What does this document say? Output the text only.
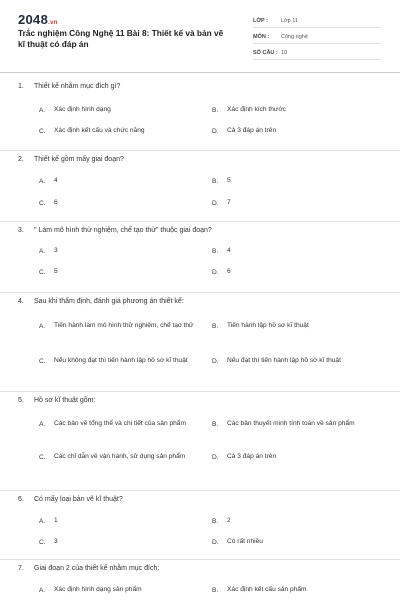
2048.vn
Trắc nghiệm Công Nghệ 11 Bài 8: Thiết kế và bản vẽ kĩ thuật có đáp án
LỚP :	Lớp 11
MÔN :	Công nghệ
SỐ CÂU : 10
1.	Thiết kế nhằm mục đích gì?
A.	Xác định hình dạng	B.	Xác định kích thước
C.	Xác định kết cấu và chức năng	D.	Cả 3 đáp án trên
2.	Thiết kế gồm mấy giai đoạn?
A.	4	B.	5
C.	6	D.	7
3.	" Làm mô hình thử nghiệm, chế tạo thử" thuộc giai đoạn?
A.	3	B.	4
C.	5	D.	6
4.	Sau khi thẩm định, đánh giá phương án thiết kế:
A.	Tiến hành làm mô hình thử nghiệm, chế tạo thử	B.	Tiến hành lập hồ sơ kĩ thuật
C.	Nếu không đạt thì tiến hành lập hồ sơ kĩ thuật	D.	Nếu đạt thì tiến hành lập hồ sơ kĩ thuật
5.	Hồ sơ kĩ thuật gồm:
A.	Các bản vẽ tổng thể và chi tiết của sản phẩm	B.	Các bản thuyết minh tính toán về sản phẩm
C.	Các chỉ dẫn về vận hành, sử dụng sản phẩm	D.	Cả 3 đáp án trên
6.	Có mấy loại bản vẽ kĩ thuật?
A.	1	B.	2
C.	3	D.	Có rất nhiều
7.	Giai đoạn 2 của thiết kế nhằm mục đích:
A.	Xác định hình dạng sản phẩm	B.	Xác định kết cấu sản phẩm
